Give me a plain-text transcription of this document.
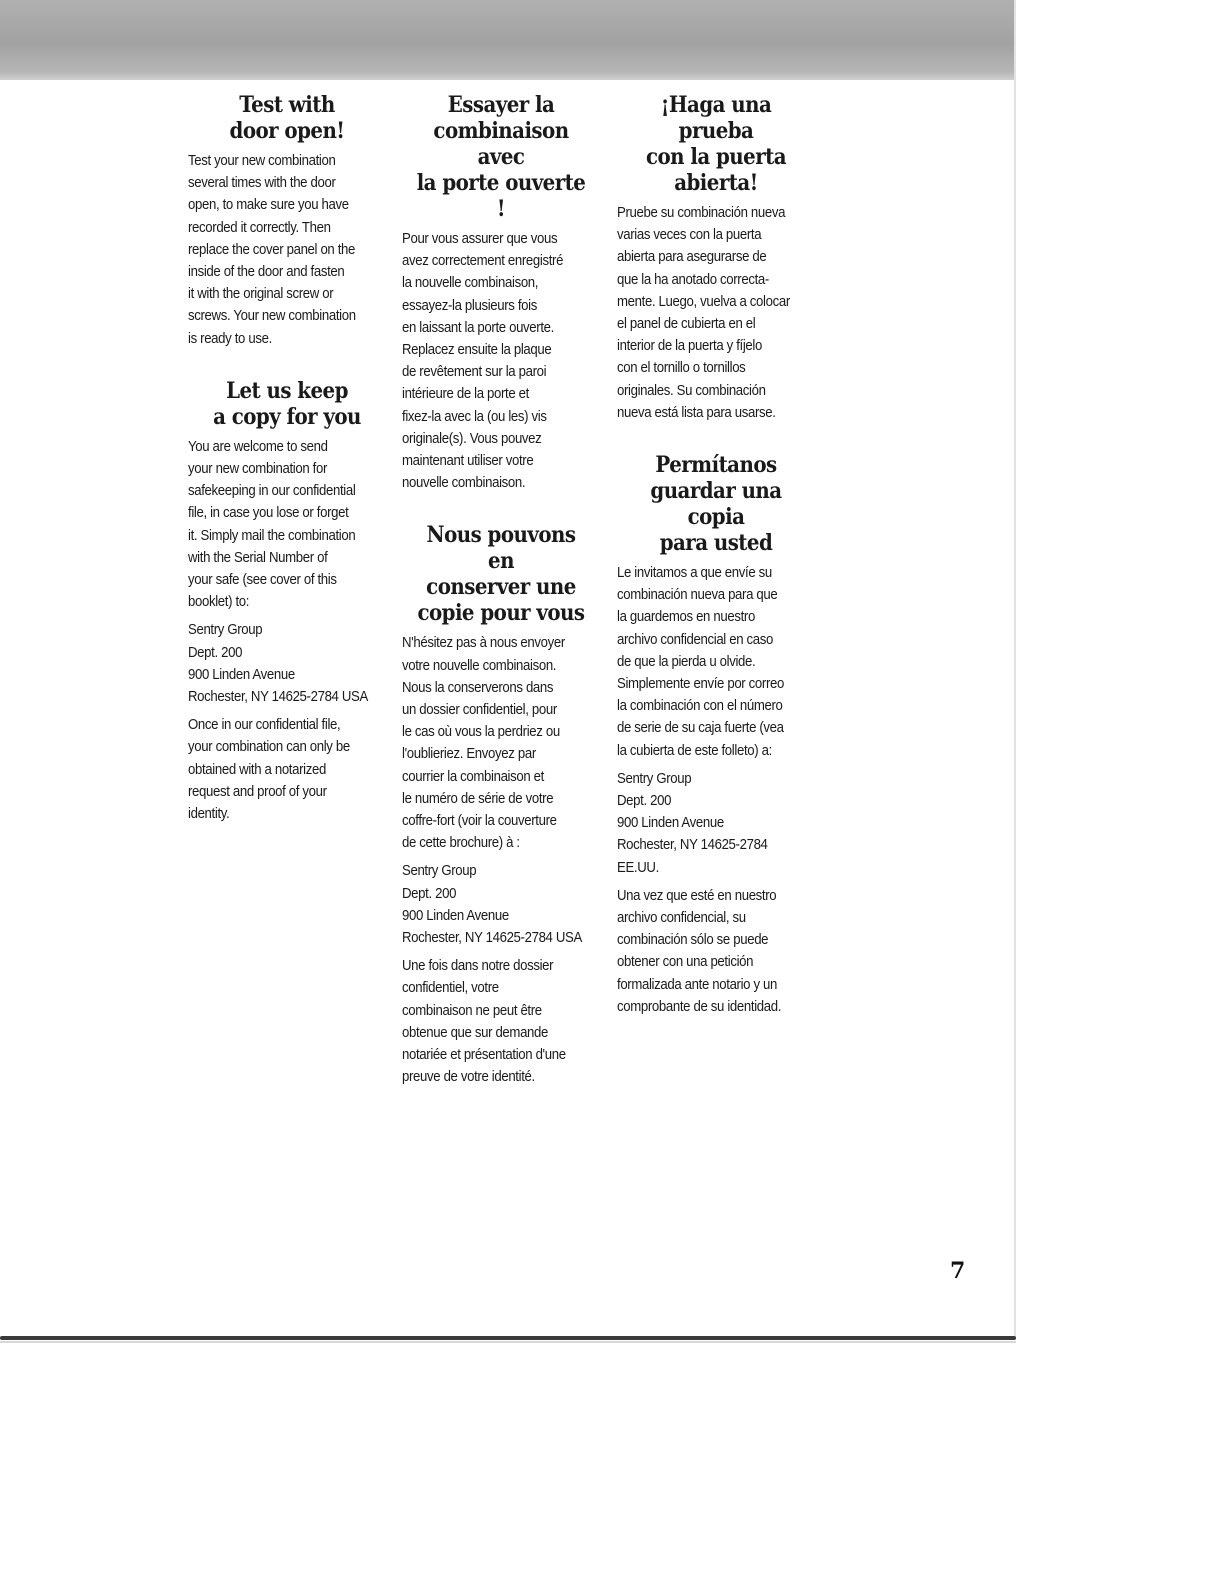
Test with
door open!

Test your new combination
several times with the door
open, to make sure you have
recorded it correctly. Then
replace the cover panel on the
inside of the door and fasten
it with the original screw or
screws. Your new combination
is ready to use.

Let us keep
a copy for you

You are welcome to send
your new combination for
safekeeping in our confidential
file, in case you lose or forget
it. Simply mail the combination
with the Serial Number of
your safe (see cover of this
booklet) to:

Sentry Group
Dept. 200
900 Linden Avenue
Rochester, NY 14625-2784 USA

Once in our confidential file,
your combination can only be
obtained with a notarized
request and proof of your
identity.

Essayer la
combinaison avec
la porte ouverte !

Pour vous assurer que vous
avez correctement enregistré
la nouvelle combinaison,
essayez-la plusieurs fois
en laissant la porte ouverte.
Replacez ensuite la plaque
de revêtement sur la paroi
intérieure de la porte et
fixez-la avec la (ou les) vis
originale(s). Vous pouvez
maintenant utiliser votre
nouvelle combinaison.

Nous pouvons en
conserver une
copie pour vous

N'hésitez pas à nous envoyer
votre nouvelle combinaison.
Nous la conserverons dans
un dossier confidentiel, pour
le cas où vous la perdriez ou
l'oublieriez. Envoyez par
courrier la combinaison et
le numéro de série de votre
coffre-fort (voir la couverture
de cette brochure) à :

Sentry Group
Dept. 200
900 Linden Avenue
Rochester, NY 14625-2784 USA

Une fois dans notre dossier
confidentiel, votre
combinaison ne peut être
obtenue que sur demande
notariée et présentation d'une
preuve de votre identité.

¡Haga una prueba
con la puerta
abierta!

Pruebe su combinación nueva
varias veces con la puerta
abierta para asegurarse de
que la ha anotado correcta-
mente. Luego, vuelva a colocar
el panel de cubierta en el
interior de la puerta y fíjelo
con el tornillo o tornillos
originales. Su combinación
nueva está lista para usarse.

Permítanos
guardar una copia
para usted

Le invitamos a que envíe su
combinación nueva para que
la guardemos en nuestro
archivo confidencial en caso
de que la pierda u olvide.
Simplemente envíe por correo
la combinación con el número
de serie de su caja fuerte (vea
la cubierta de este folleto) a:

Sentry Group
Dept. 200
900 Linden Avenue
Rochester, NY 14625-2784
EE.UU.

Una vez que esté en nuestro
archivo confidencial, su
combinación sólo se puede
obtener con una petición
formalizada ante notario y un
comprobante de su identidad.

7
